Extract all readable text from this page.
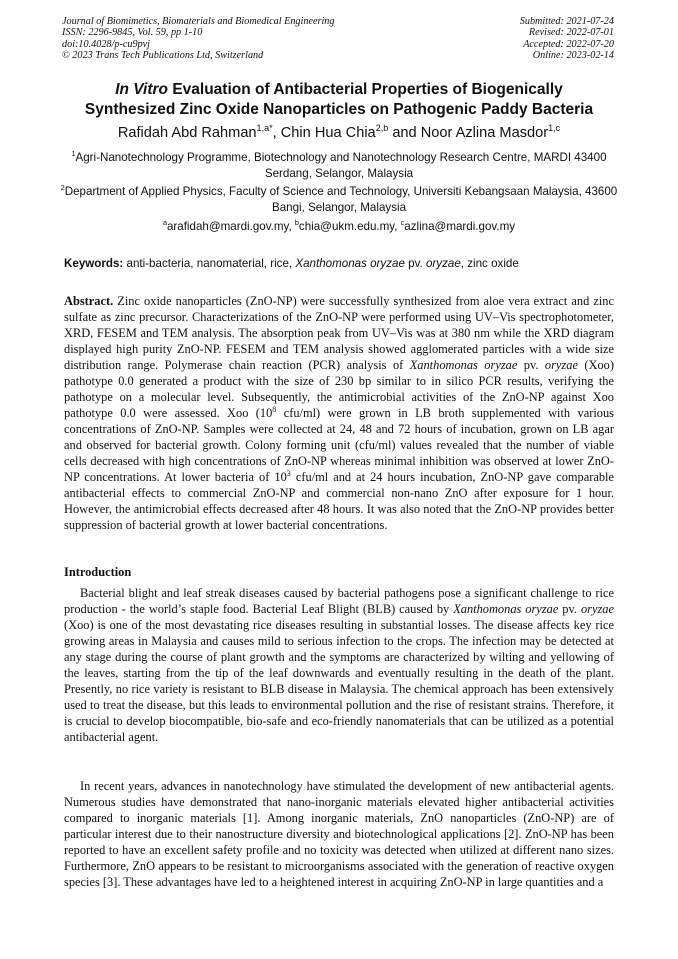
Journal of Biomimetics, Biomaterials and Biomedical Engineering
ISSN: 2296-9845, Vol. 59, pp 1-10
doi:10.4028/p-cu9pvj
© 2023 Trans Tech Publications Ltd, Switzerland
Submitted: 2021-07-24
Revised: 2022-07-01
Accepted: 2022-07-20
Online: 2023-02-14
In Vitro Evaluation of Antibacterial Properties of Biogenically
Synthesized Zinc Oxide Nanoparticles on Pathogenic Paddy Bacteria
Rafidah Abd Rahman$^{1,a*}$, Chin Hua Chia$^{2,b}$ and Noor Azlina Masdor$^{1,c}$
$^1$Agri-Nanotechnology Programme, Biotechnology and Nanotechnology Research Centre, MARDI 43400 Serdang, Selangor, Malaysia
$^2$Department of Applied Physics, Faculty of Science and Technology, Universiti Kebangsaan Malaysia, 43600 Bangi, Selangor, Malaysia
$^a$arafidah@mardi.gov.my, $^b$chia@ukm.edu.my, $^c$azlina@mardi.gov.my
Keywords: anti-bacteria, nanomaterial, rice, Xanthomonas oryzae pv. oryzae, zinc oxide
Abstract. Zinc oxide nanoparticles (ZnO-NP) were successfully synthesized from aloe vera extract and zinc sulfate as zinc precursor. Characterizations of the ZnO-NP were performed using UV–Vis spectrophotometer, XRD, FESEM and TEM analysis. The absorption peak from UV–Vis was at 380 nm while the XRD diagram displayed high purity ZnO-NP. FESEM and TEM analysis showed agglomerated particles with a wide size distribution range. Polymerase chain reaction (PCR) analysis of Xanthomonas oryzae pv. oryzae (Xoo) pathotype 0.0 generated a product with the size of 230 bp similar to in silico PCR results, verifying the pathotype on a molecular level. Subsequently, the antimicrobial activities of the ZnO-NP against Xoo pathotype 0.0 were assessed. Xoo ($10^8$ cfu/ml) were grown in LB broth supplemented with various concentrations of ZnO-NP. Samples were collected at 24, 48 and 72 hours of incubation, grown on LB agar and observed for bacterial growth. Colony forming unit (cfu/ml) values revealed that the number of viable cells decreased with high concentrations of ZnO-NP whereas minimal inhibition was observed at lower ZnO-NP concentrations. At lower bacteria of $10^3$ cfu/ml and at 24 hours incubation, ZnO-NP gave comparable antibacterial effects to commercial ZnO-NP and commercial non-nano ZnO after exposure for 1 hour. However, the antimicrobial effects decreased after 48 hours. It was also noted that the ZnO-NP provides better suppression of bacterial growth at lower bacterial concentrations.
Introduction
Bacterial blight and leaf streak diseases caused by bacterial pathogens pose a significant challenge to rice production - the world’s staple food. Bacterial Leaf Blight (BLB) caused by Xanthomonas oryzae pv. oryzae (Xoo) is one of the most devastating rice diseases resulting in substantial losses. The disease affects key rice growing areas in Malaysia and causes mild to serious infection to the crops. The infection may be detected at any stage during the course of plant growth and the symptoms are characterized by wilting and yellowing of the leaves, starting from the tip of the leaf downwards and eventually resulting in the death of the plant. Presently, no rice variety is resistant to BLB disease in Malaysia. The chemical approach has been extensively used to treat the disease, but this leads to environmental pollution and the rise of resistant strains. Therefore, it is crucial to develop biocompatible, bio-safe and eco-friendly nanomaterials that can be utilized as a potential antibacterial agent.
In recent years, advances in nanotechnology have stimulated the development of new antibacterial agents. Numerous studies have demonstrated that nano-inorganic materials elevated higher antibacterial activities compared to inorganic materials [1]. Among inorganic materials, ZnO nanoparticles (ZnO-NP) are of particular interest due to their nanostructure diversity and biotechnological applications [2]. ZnO-NP has been reported to have an excellent safety profile and no toxicity was detected when utilized at different nano sizes. Furthermore, ZnO appears to be resistant to microorganisms associated with the generation of reactive oxygen species [3]. These advantages have led to a heightened interest in acquiring ZnO-NP in large quantities and a
